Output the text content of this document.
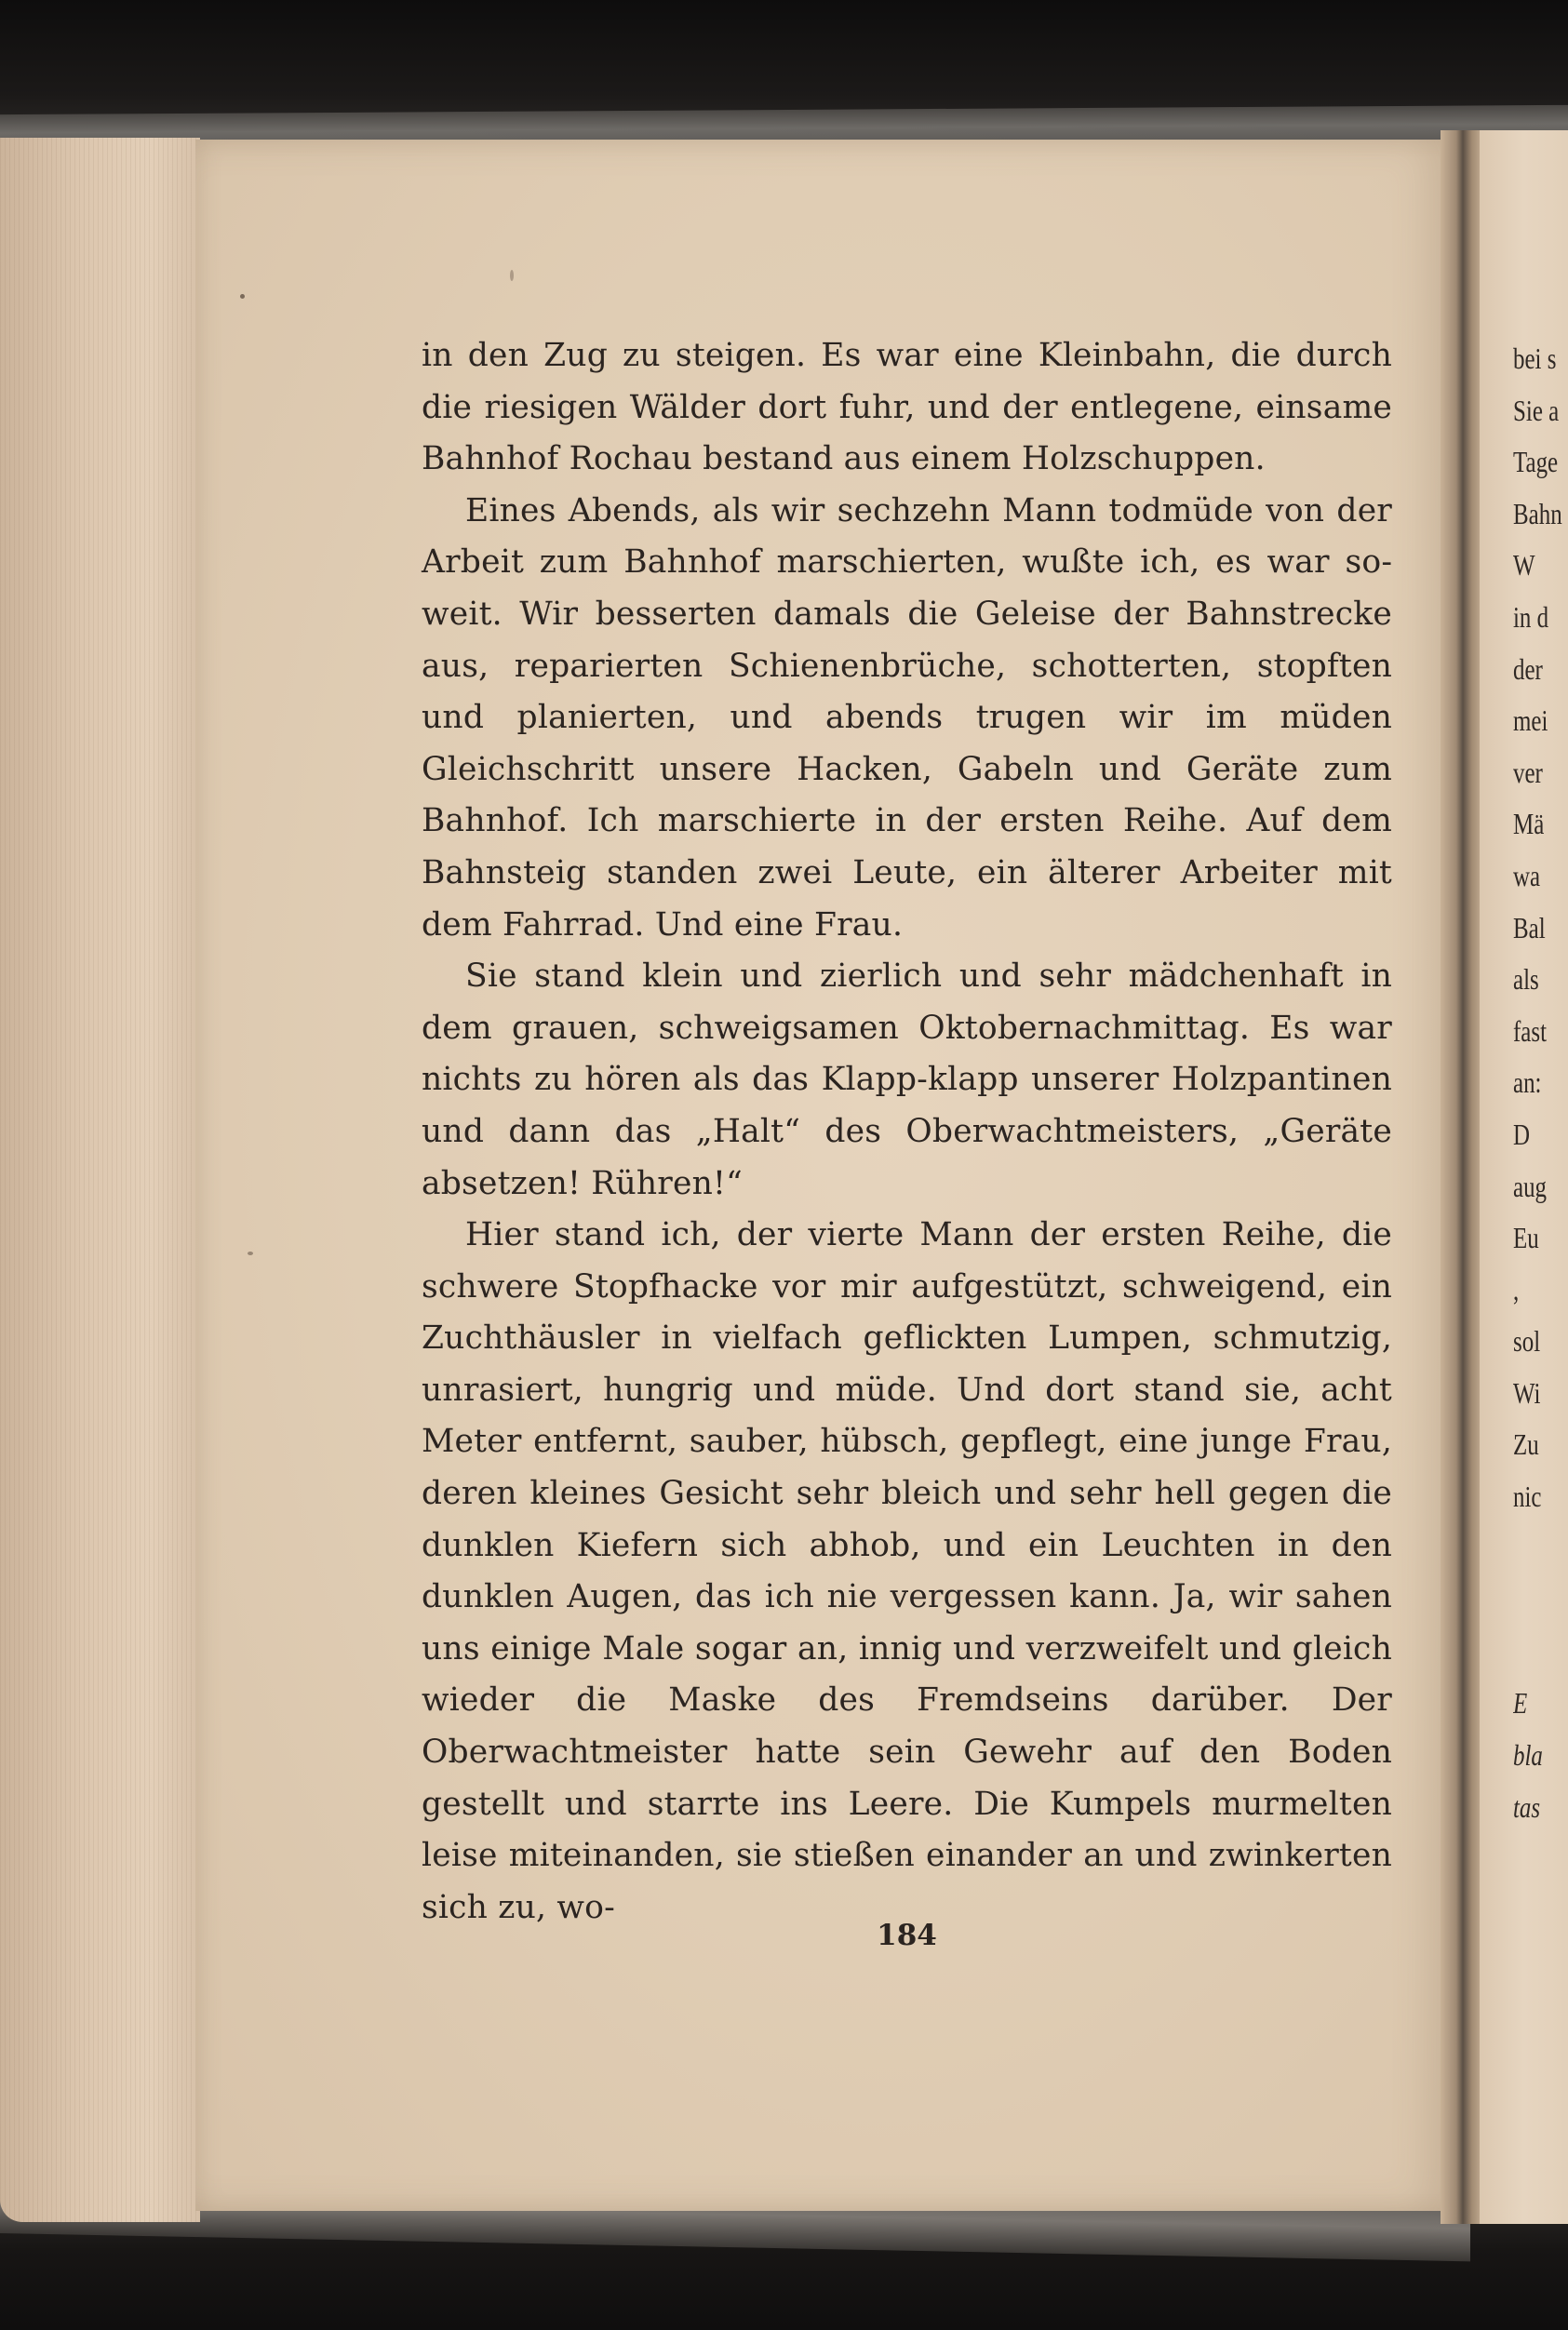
in den Zug zu steigen. Es war eine Kleinbahn, die durch die riesigen Wälder dort fuhr, und der entlegene, einsame Bahnhof Rochau bestand aus einem Holzschuppen.

Eines Abends, als wir sechzehn Mann todmüde von der Arbeit zum Bahnhof marschierten, wußte ich, es war soweit. Wir besserten damals die Geleise der Bahnstrecke aus, reparierten Schienenbrüche, schotterten, stopften und planierten, und abends trugen wir im müden Gleichschritt unsere Hacken, Gabeln und Geräte zum Bahnhof. Ich marschierte in der ersten Reihe. Auf dem Bahnsteig standen zwei Leute, ein älterer Arbeiter mit dem Fahrrad. Und eine Frau.

Sie stand klein und zierlich und sehr mädchenhaft in dem grauen, schweigsamen Oktobernachmittag. Es war nichts zu hören als das Klapp-klapp unserer Holzpantinen und dann das „Halt“ des Oberwachtmeisters, „Geräte absetzen! Rühren!“

Hier stand ich, der vierte Mann der ersten Reihe, die schwere Stopfhacke vor mir aufgestützt, schweigend, ein Zuchthäusler in vielfach geflickten Lumpen, schmutzig, unrasiert, hungrig und müde. Und dort stand sie, acht Meter entfernt, sauber, hübsch, gepflegt, eine junge Frau, deren kleines Gesicht sehr bleich und sehr hell gegen die dunklen Kiefern sich abhob, und ein Leuchten in den dunklen Augen, das ich nie vergessen kann. Ja, wir sahen uns einige Male sogar an, innig und verzweifelt und gleich wieder die Maske des Fremdseins darüber. Der Oberwachtmeister hatte sein Gewehr auf den Boden gestellt und starrte ins Leere. Die Kumpels murmelten leise miteinanden, sie stießen einander an und zwinkerten sich zu, wo-

184
bei s
Sie a
Tage
Bahn
W
in d
der
mei
ver
Mä
wa
Bal
als
fast
an:
D
aug
Eu
,
sol
Wi
Zu
nic
E
bla
tas
